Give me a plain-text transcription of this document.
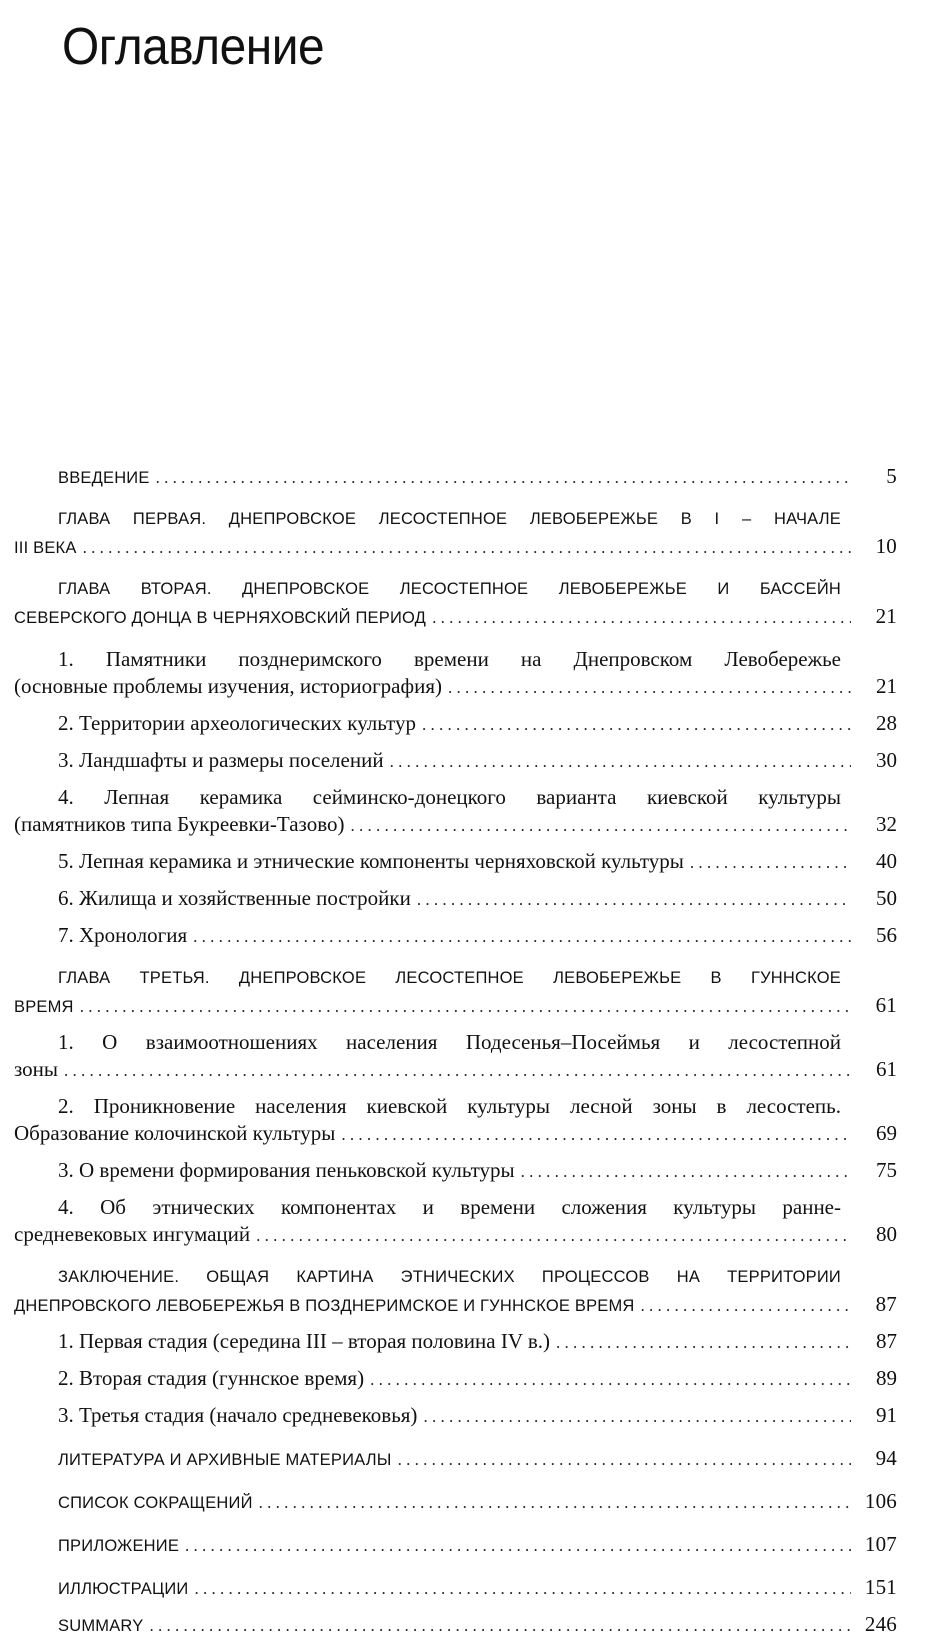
Оглавление
ВВЕДЕНИЕ . . .	5
ГЛАВА ПЕРВАЯ. ДНЕПРОВСКОЕ ЛЕСОСТЕПНОЕ ЛЕВОБЕРЕЖЬЕ В I – НАЧАЛЕ
III ВЕКА . . .	10
ГЛАВА ВТОРАЯ. ДНЕПРОВСКОЕ ЛЕСОСТЕПНОЕ ЛЕВОБЕРЕЖЬЕ И БАССЕЙН
СЕВЕРСКОГО ДОНЦА В ЧЕРНЯХОВСКИЙ ПЕРИОД . . .	21
1. Памятники позднеримского времени на Днепровском Левобережье
(основные проблемы изучения, историография) . . .	21
2. Территории археологических культур . . .	28
3. Ландшафты и размеры поселений . . .	30
4. Лепная керамика сейминско-донецкого варианта киевской культуры
(памятников типа Букреевки-Тазово) . . .	32
5. Лепная керамика и этнические компоненты черняховской культуры . . .	40
6. Жилища и хозяйственные постройки . . .	50
7. Хронология . . .	56
ГЛАВА ТРЕТЬЯ. ДНЕПРОВСКОЕ ЛЕСОСТЕПНОЕ ЛЕВОБЕРЕЖЬЕ В ГУННСКОЕ
ВРЕМЯ . . .	61
1. О взаимоотношениях населения Подесенья–Посеймья и лесостепной
зоны . . .	61
2. Проникновение населения киевской культуры лесной зоны в лесостепь.
Образование колочинской культуры . . .	69
3. О времени формирования пеньковской культуры . . .	75
4. Об этнических компонентах и времени сложения культуры ранне-
средневековых ингумаций . . .	80
ЗАКЛЮЧЕНИЕ. ОБЩАЯ КАРТИНА ЭТНИЧЕСКИХ ПРОЦЕССОВ НА ТЕРРИТОРИИ
ДНЕПРОВСКОГО ЛЕВОБЕРЕЖЬЯ В ПОЗДНЕРИМСКОЕ И ГУННСКОЕ ВРЕМЯ . . .	87
1. Первая стадия (середина III – вторая половина IV в.) . . .	87
2. Вторая стадия (гуннское время) . . .	89
3. Третья стадия (начало средневековья) . . .	91
ЛИТЕРАТУРА И АРХИВНЫЕ МАТЕРИАЛЫ . . .	94
СПИСОК СОКРАЩЕНИЙ . . .	106
ПРИЛОЖЕНИЕ . . .	107
ИЛЛЮСТРАЦИИ . . .	151
SUMMARY . . .	246
